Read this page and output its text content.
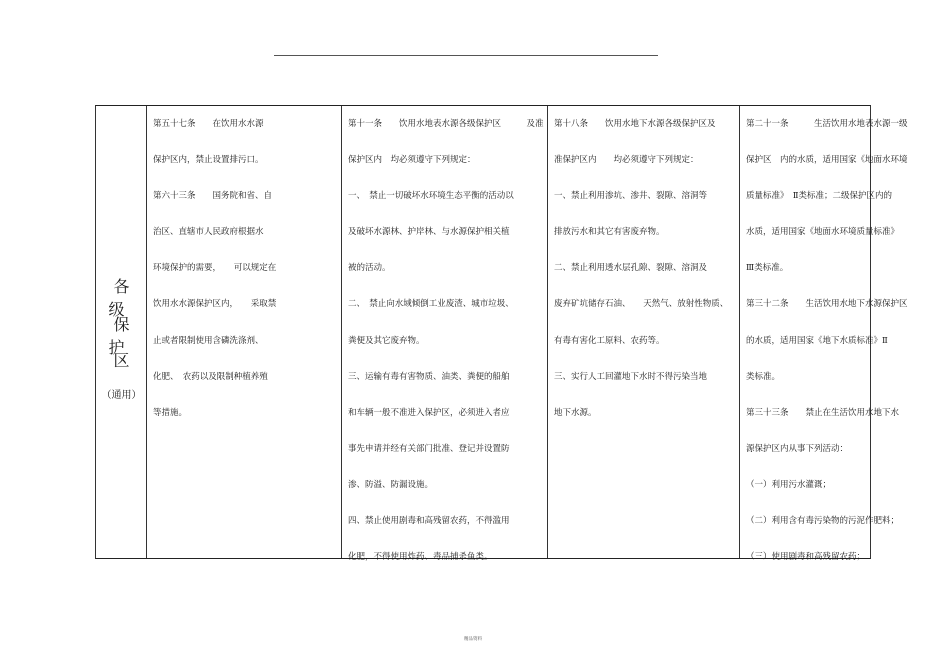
各 级
保 护
区
（通用）
第五十七条　　在饮用水水源
保护区内，禁止设置排污口。
第六十三条　　国务院和省、自
治区、直辖市人民政府根据水
环境保护的需要，　　可以规定在
饮用水水源保护区内，　　采取禁
止或者限制使用含磷洗涤剂、
化肥、　农药以及限制种植养殖
等措施。
第十一条　　饮用水地表水源各级保护区　　　及准
保护区内　均必须遵守下列规定：
一、　禁止一切破坏水环境生态平衡的活动以
及破坏水源林、护岸林、与水源保护相关植
被的活动。
二、　禁止向水域倾倒工业废渣、城市垃圾、
粪便及其它废弃物。
三、运输有毒有害物质、油类、粪便的船舶
和车辆一般不准进入保护区，必须进入者应
事先申请并经有关部门批准、登记并设置防
渗、防溢、防漏设施。
四、禁止使用剧毒和高残留农药，不得滥用
化肥，不得使用炸药、毒品捕杀鱼类。
第十八条　　饮用水地下水源各级保护区及
准保护区内　　均必须遵守下列规定：
一、禁止利用渗坑、渗井、裂隙、溶洞等
排放污水和其它有害废弃物。
二、禁止利用透水层孔隙、裂隙、溶洞及
废弃矿坑储存石油、　　天然气、放射性物质、
有毒有害化工原料、农药等。
三、实行人工回灌地下水时不得污染当地
地下水源。
第二十一条　　　生活饮用水地表水源一级
保护区　内的水质，适用国家《地面水环境
质量标准》　Ⅱ类标准；二级保护区内的
水质，适用国家《地面水环境质量标准》
Ⅲ类标准。
第三十二条　　生活饮用水地下水源保护区
的水质，适用国家《地下水质标准》Ⅱ
类标准。
第三十三条　　禁止在生活饮用水地下水
源保护区内从事下列活动：
（一）利用污水灌溉；
（二）利用含有毒污染物的污泥作肥料；
（三）使用剧毒和高残留农药；
精品资料
